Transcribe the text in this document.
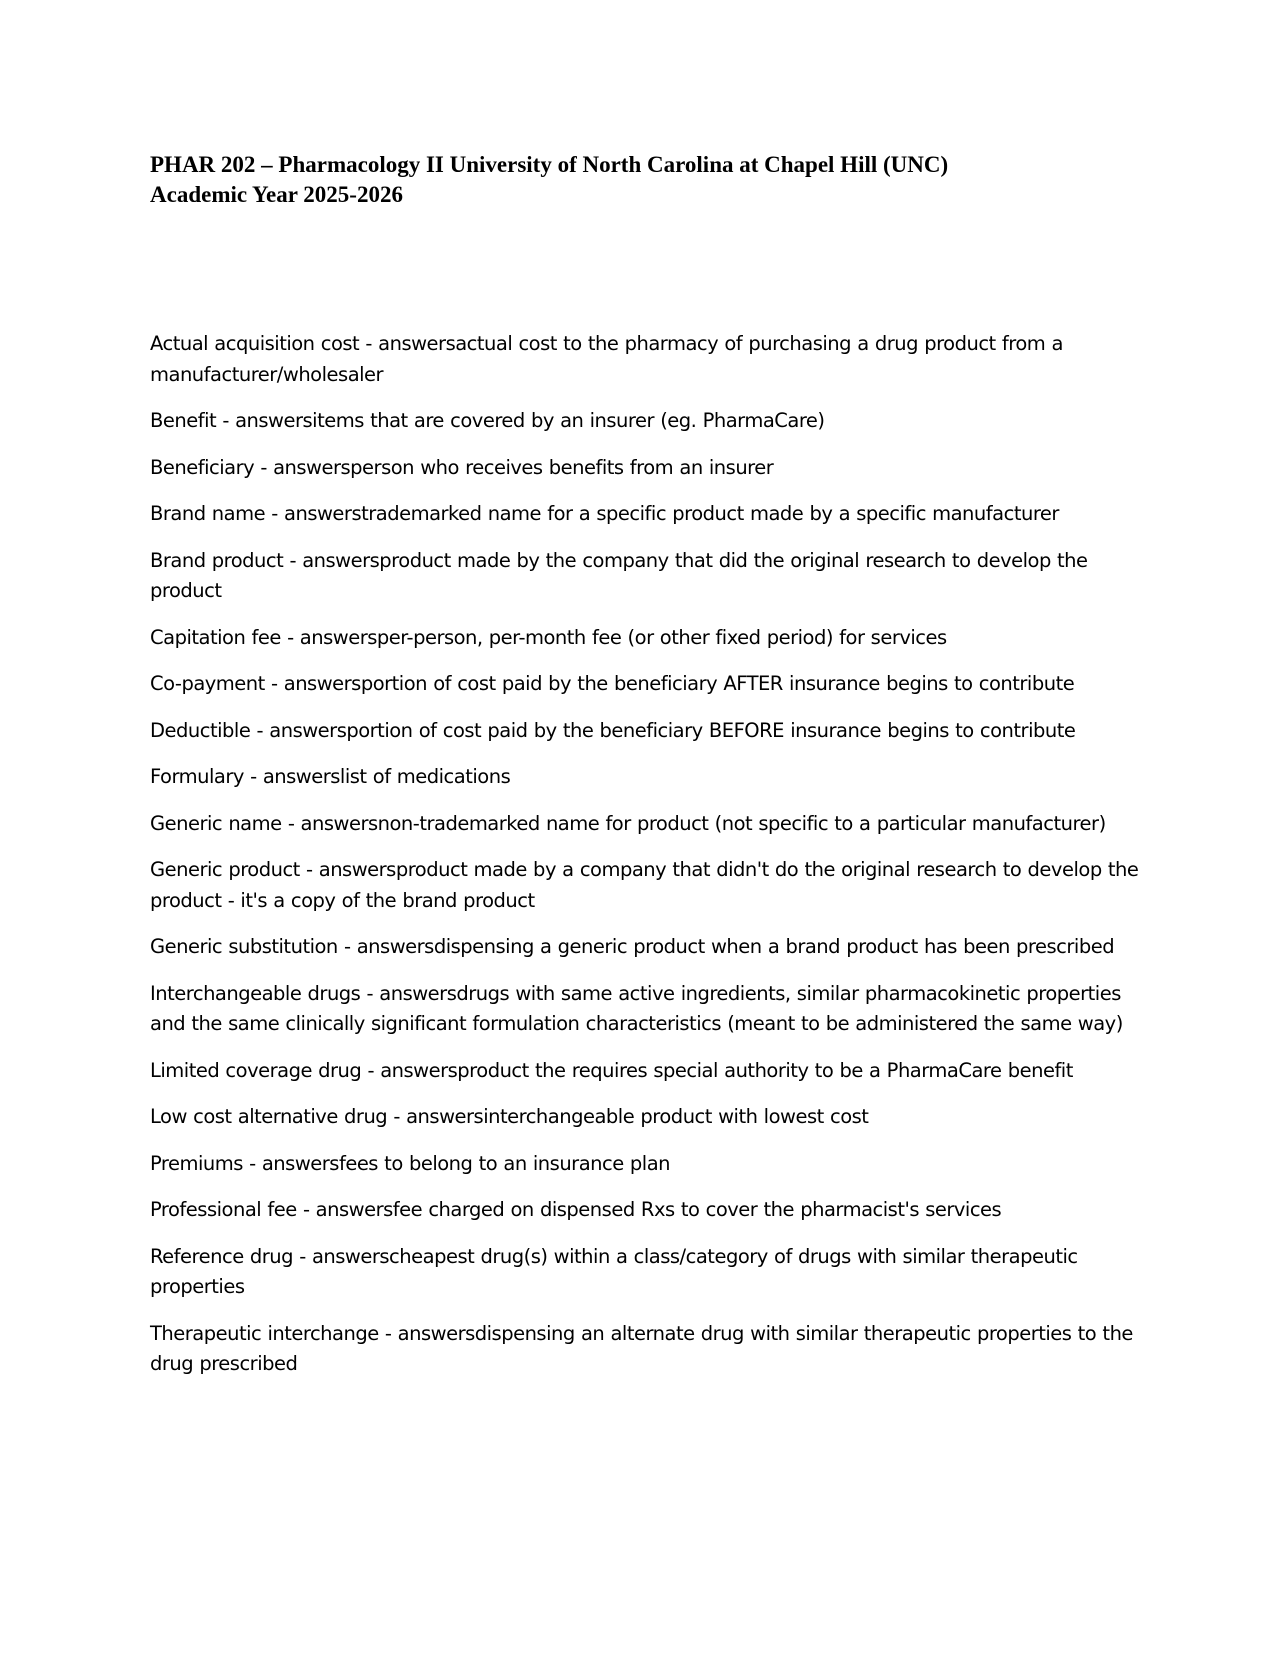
PHAR 202 – Pharmacology II University of North Carolina at Chapel Hill (UNC)
Academic Year 2025-2026

Actual acquisition cost - answersactual cost to the pharmacy of purchasing a drug product from a manufacturer/wholesaler

Benefit - answersitems that are covered by an insurer (eg. PharmaCare)

Beneficiary - answersperson who receives benefits from an insurer

Brand name - answerstrademarked name for a specific product made by a specific manufacturer

Brand product - answersproduct made by the company that did the original research to develop the product

Capitation fee - answersper-person, per-month fee (or other fixed period) for services

Co-payment - answersportion of cost paid by the beneficiary AFTER insurance begins to contribute

Deductible - answersportion of cost paid by the beneficiary BEFORE insurance begins to contribute

Formulary - answerslist of medications

Generic name - answersnon-trademarked name for product (not specific to a particular manufacturer)

Generic product - answersproduct made by a company that didn't do the original research to develop the product - it's a copy of the brand product

Generic substitution - answersdispensing a generic product when a brand product has been prescribed

Interchangeable drugs - answersdrugs with same active ingredients, similar pharmacokinetic properties and the same clinically significant formulation characteristics (meant to be administered the same way)

Limited coverage drug - answersproduct the requires special authority to be a PharmaCare benefit

Low cost alternative drug - answersinterchangeable product with lowest cost

Premiums - answersfees to belong to an insurance plan

Professional fee - answersfee charged on dispensed Rxs to cover the pharmacist's services

Reference drug - answerscheapest drug(s) within a class/category of drugs with similar therapeutic properties

Therapeutic interchange - answersdispensing an alternate drug with similar therapeutic properties to the drug prescribed
